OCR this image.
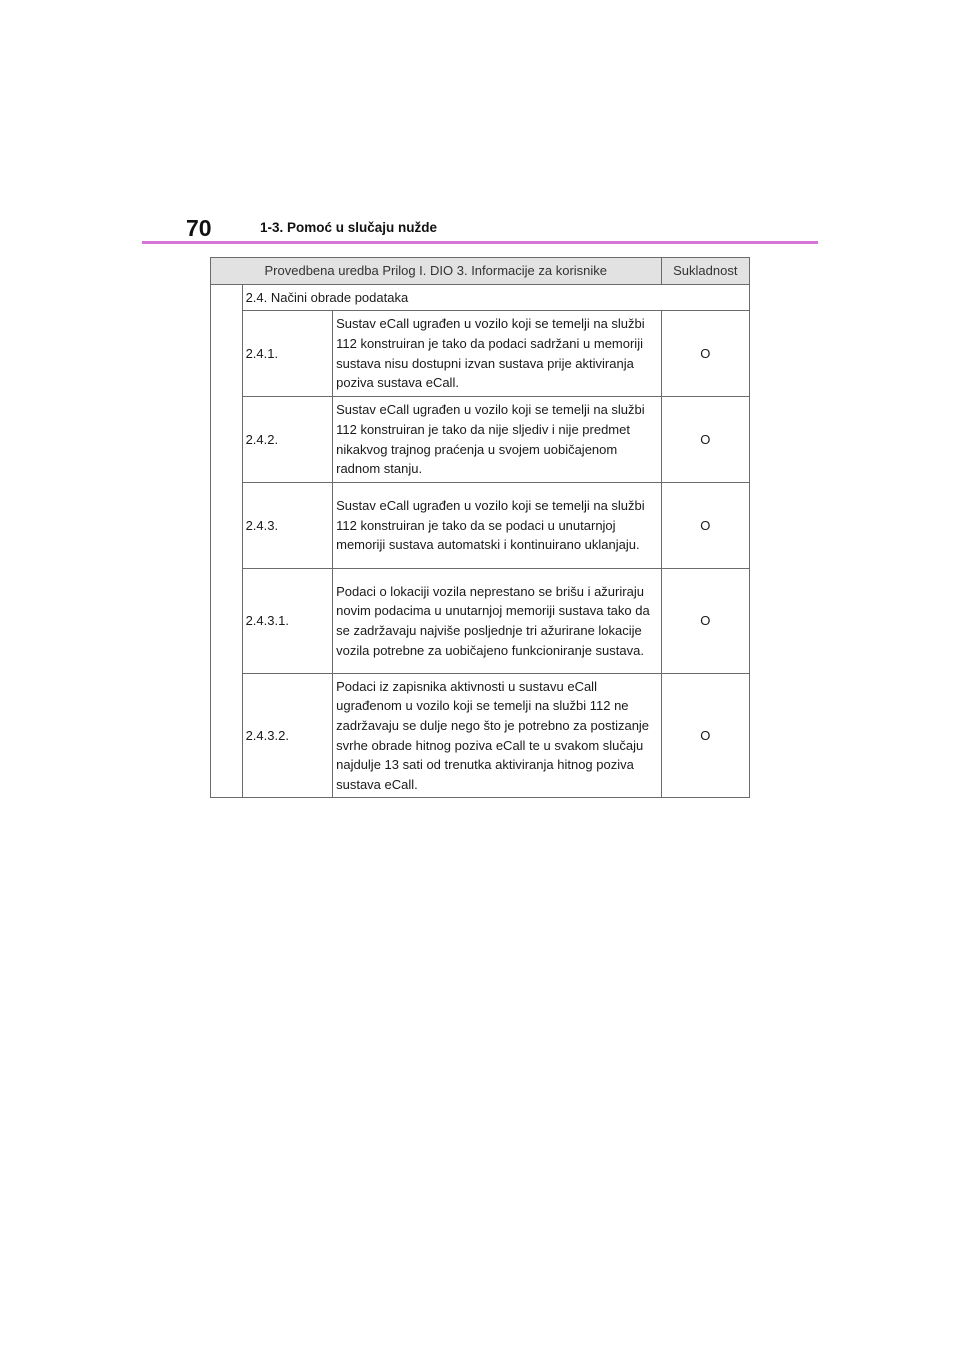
70	1-3. Pomoć u slučaju nužde
Provedbena uredba Prilog I. DIO 3. Informacije za korisnike			Sukladnost
	2.4. Načini obrade podataka		
	2.4.1.	Sustav eCall ugrađen u vozilo koji se temelji na službi 112 konstruiran je tako da podaci sadržani u memoriji sustava nisu dostupni izvan sustava prije aktiviranja poziva sustava eCall.	O
	2.4.2.	Sustav eCall ugrađen u vozilo koji se temelji na službi 112 konstruiran je tako da nije sljediv i nije predmet nikakvog trajnog praćenja u svojem uobičajenom radnom stanju.	O
	2.4.3.	Sustav eCall ugrađen u vozilo koji se temelji na službi 112 konstruiran je tako da se podaci u unutarnjoj memoriji sustava automatski i kontinuirano uklanjaju.	O
	2.4.3.1.	Podaci o lokaciji vozila neprestano se brišu i ažuriraju novim podacima u unutarnjoj memoriji sustava tako da se zadržavaju najviše posljednje tri ažurirane lokacije vozila potrebne za uobičajeno funkcioniranje sustava.	O
	2.4.3.2.	Podaci iz zapisnika aktivnosti u sustavu eCall ugrađenom u vozilo koji se temelji na službi 112 ne zadržavaju se dulje nego što je potrebno za postizanje svrhe obrade hitnog poziva eCall te u svakom slučaju najdulje 13 sati od trenutka aktiviranja hitnog poziva sustava eCall.	O
